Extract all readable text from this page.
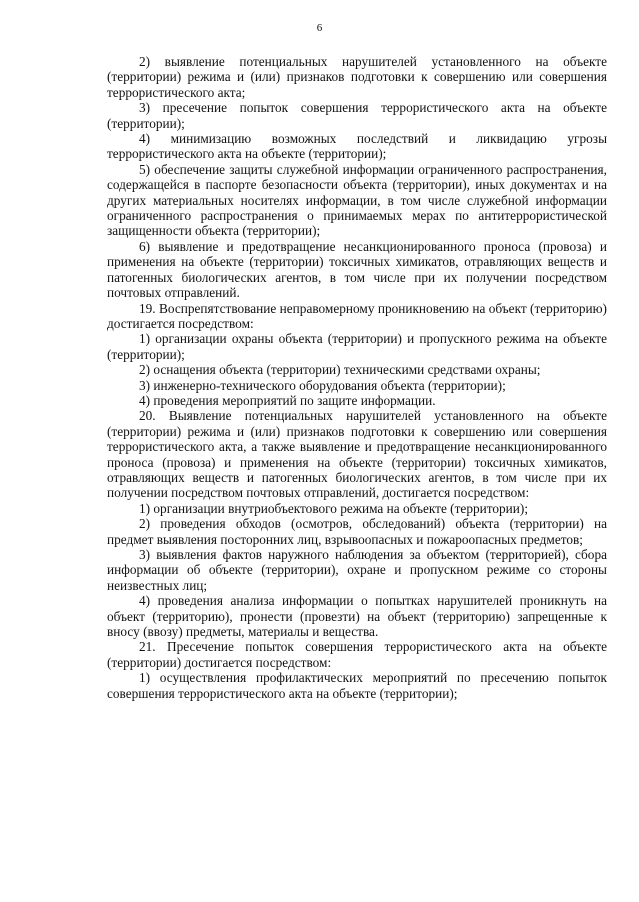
6

2) выявление потенциальных нарушителей установленного на объекте (территории) режима и (или) признаков подготовки к совершению или совершения террористического акта;

3) пресечение попыток совершения террористического акта на объекте (территории);

4) минимизацию возможных последствий и ликвидацию угрозы террористического акта на объекте (территории);

5) обеспечение защиты служебной информации ограниченного распространения, содержащейся в паспорте безопасности объекта (территории), иных документах и на других материальных носителях информации, в том числе служебной информации ограниченного распространения о принимаемых мерах по антитеррористической защищенности объекта (территории);

6) выявление и предотвращение несанкционированного проноса (провоза) и применения на объекте (территории) токсичных химикатов, отравляющих веществ и патогенных биологических агентов, в том числе при их получении посредством почтовых отправлений.

19. Воспрепятствование неправомерному проникновению на объект (территорию) достигается посредством:

1) организации охраны объекта (территории) и пропускного режима на объекте (территории);

2) оснащения объекта (территории) техническими средствами охраны;

3) инженерно-технического оборудования объекта (территории);

4) проведения мероприятий по защите информации.

20. Выявление потенциальных нарушителей установленного на объекте (территории) режима и (или) признаков подготовки к совершению или совершения террористического акта, а также выявление и предотвращение несанкционированного проноса (провоза) и применения на объекте (территории) токсичных химикатов, отравляющих веществ и патогенных биологических агентов, в том числе при их получении посредством почтовых отправлений, достигается посредством:

1) организации внутриобъектового режима на объекте (территории);

2) проведения обходов (осмотров, обследований) объекта (территории) на предмет выявления посторонних лиц, взрывоопасных и пожароопасных предметов;

3) выявления фактов наружного наблюдения за объектом (территорией), сбора информации об объекте (территории), охране и пропускном режиме со стороны неизвестных лиц;

4) проведения анализа информации о попытках нарушителей проникнуть на объект (территорию), пронести (провезти) на объект (территорию) запрещенные к вносу (ввозу) предметы, материалы и вещества.

21. Пресечение попыток совершения террористического акта на объекте (территории) достигается посредством:

1) осуществления профилактических мероприятий по пресечению попыток совершения террористического акта на объекте (территории);
